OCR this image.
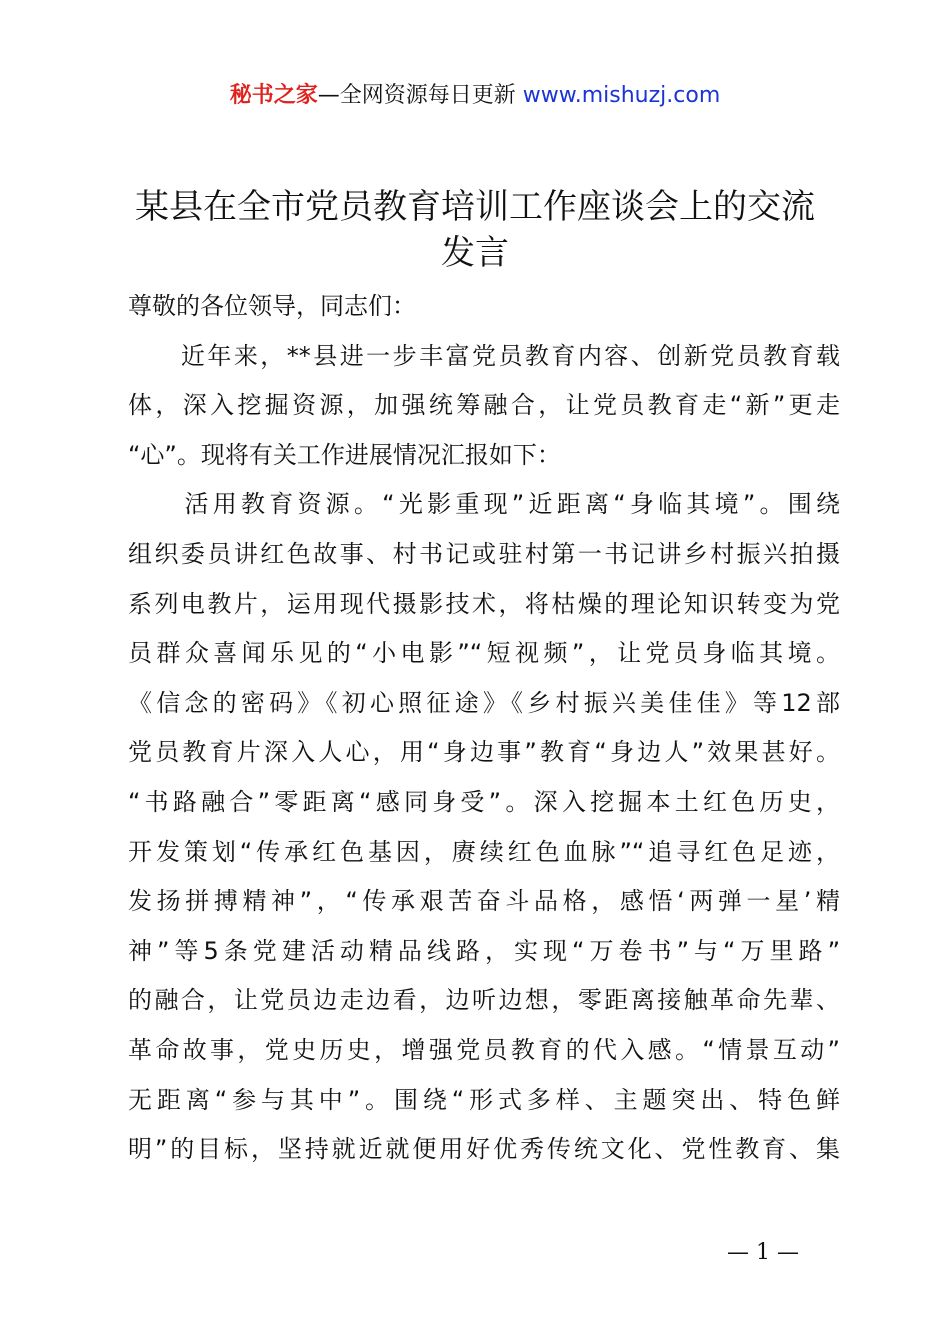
秘书之家—全网资源每日更新 www.mishuzj.com
某县在全市党员教育培训工作座谈会上的交流
发言
尊敬的各位领导，同志们：
　　近年来，**县进一步丰富党员教育内容、创新党员教育载
体，深入挖掘资源，加强统筹融合，让党员教育走“新”更走
“心”。现将有关工作进展情况汇报如下：
　　活用教育资源。“光影重现”近距离“身临其境”。围绕
组织委员讲红色故事、村书记或驻村第一书记讲乡村振兴拍摄
系列电教片，运用现代摄影技术，将枯燥的理论知识转变为党
员群众喜闻乐见的“小电影”“短视频”，让党员身临其境。
《信念的密码》《初心照征途》《乡村振兴美佳佳》等12部
党员教育片深入人心，用“身边事”教育“身边人”效果甚好。
“书路融合”零距离“感同身受”。深入挖掘本土红色历史，
开发策划“传承红色基因，赓续红色血脉”“追寻红色足迹，
发扬拼搏精神”，“传承艰苦奋斗品格，感悟‘两弹一星’精
神”等5条党建活动精品线路，实现“万卷书”与“万里路”
的融合，让党员边走边看，边听边想，零距离接触革命先辈、
革命故事，党史历史，增强党员教育的代入感。“情景互动”
无距离“参与其中”。围绕“形式多样、主题突出、特色鲜
明”的目标，坚持就近就便用好优秀传统文化、党性教育、集
— 1 —
